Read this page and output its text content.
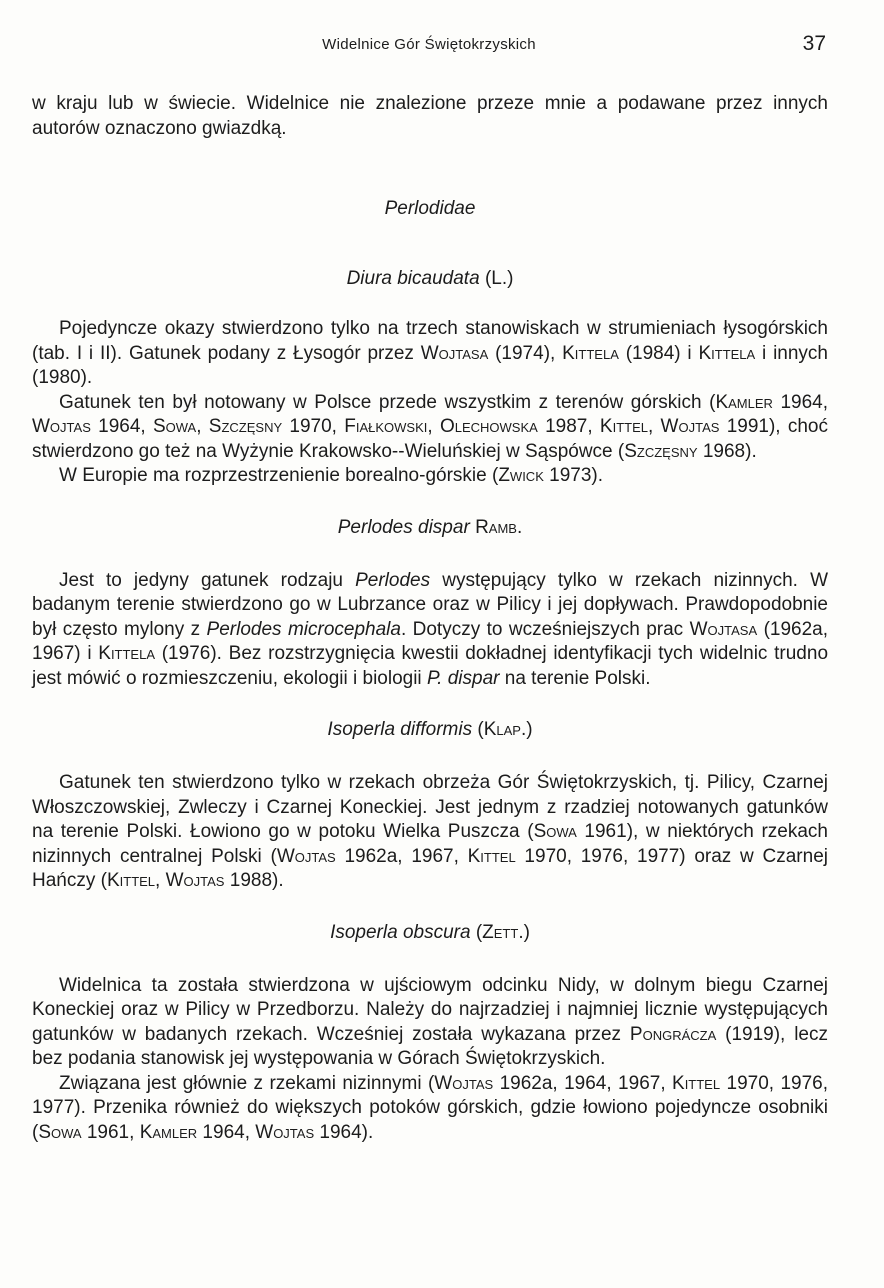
Widelnice Gór Świętokrzyskich	37

w kraju lub w świecie. Widelnice nie znalezione przeze mnie a podawane przez innych autorów oznaczono gwiazdką.

Perlodidae
Diura bicaudata (L.)

Pojedyncze okazy stwierdzono tylko na trzech stanowiskach w strumieniach łysogórskich (tab. I i II). Gatunek podany z Łysogór przez Wojtasa (1974), Kittela (1984) i Kittela i innych (1980).

Gatunek ten był notowany w Polsce przede wszystkim z terenów górskich (Kamler 1964, Wojtas 1964, Sowa, Szczęsny 1970, Fiałkowski, Olechowska 1987, Kittel, Wojtas 1991), choć stwierdzono go też na Wyżynie Krakowsko--Wieluńskiej w Sąspówce (Szczęsny 1968).

W Europie ma rozprzestrzenienie borealno-górskie (Zwick 1973).

Perlodes dispar Ramb.

Jest to jedyny gatunek rodzaju Perlodes występujący tylko w rzekach nizinnych. W badanym terenie stwierdzono go w Lubrzance oraz w Pilicy i jej dopływach. Prawdopodobnie był często mylony z Perlodes microcephala. Dotyczy to wcześniejszych prac Wojtasa (1962a, 1967) i Kittela (1976). Bez rozstrzygnięcia kwestii dokładnej identyfikacji tych widelnic trudno jest mówić o rozmieszczeniu, ekologii i biologii P. dispar na terenie Polski.

Isoperla difformis (Klap.)

Gatunek ten stwierdzono tylko w rzekach obrzeża Gór Świętokrzyskich, tj. Pilicy, Czarnej Włoszczowskiej, Zwleczy i Czarnej Koneckiej. Jest jednym z rzadziej notowanych gatunków na terenie Polski. Łowiono go w potoku Wielka Puszcza (Sowa 1961), w niektórych rzekach nizinnych centralnej Polski (Wojtas 1962a, 1967, Kittel 1970, 1976, 1977) oraz w Czarnej Hańczy (Kittel, Wojtas 1988).

Isoperla obscura (Zett.)

Widelnica ta została stwierdzona w ujściowym odcinku Nidy, w dolnym biegu Czarnej Koneckiej oraz w Pilicy w Przedborzu. Należy do najrzadziej i najmniej licznie występujących gatunków w badanych rzekach. Wcześniej została wykazana przez Pongrácza (1919), lecz bez podania stanowisk jej występowania w Górach Świętokrzyskich.

Związana jest głównie z rzekami nizinnymi (Wojtas 1962a, 1964, 1967, Kittel 1970, 1976, 1977). Przenika również do większych potoków górskich, gdzie łowiono pojedyncze osobniki (Sowa 1961, Kamler 1964, Wojtas 1964).
